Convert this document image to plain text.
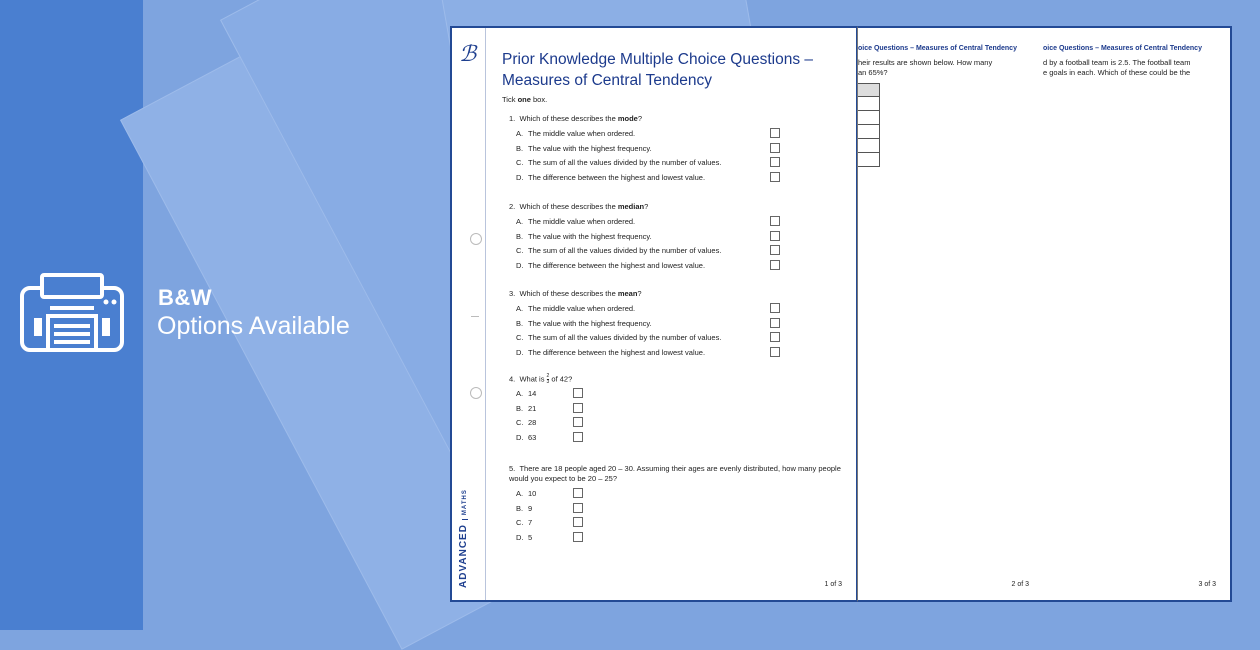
B&W
Options Available
ℬ
ADVANCEDMATHS
Prior Knowledge Multiple Choice Questions – Measures of Central Tendency
Tick one box.
1. Which of these describes the mode?
A. The middle value when ordered.
B. The value with the highest frequency.
C. The sum of all the values divided by the number of values.
D. The difference between the highest and lowest value.
2. Which of these describes the median?
A. The middle value when ordered.
B. The value with the highest frequency.
C. The sum of all the values divided by the number of values.
D. The difference between the highest and lowest value.
3. Which of these describes the mean?
A. The middle value when ordered.
B. The value with the highest frequency.
C. The sum of all the values divided by the number of values.
D. The difference between the highest and lowest value.
4. What is $\frac{2}{3}$ of 42?
A. 14
B. 21
C. 28
D. 63
5. There are 18 people aged 20 – 30. Assuming their ages are evenly distributed, how many people would you expect to be 20 – 25?
A. 10
B. 9
C. 7
D. 5
1 of 3
oice Questions – Measures of Central Tendency
heir results are shown below. How many
an 65%?
2 of 3
oice Questions – Measures of Central Tendency
d by a football team is 2.5. The football team
e goals in each. Which of these could be the
3 of 3
